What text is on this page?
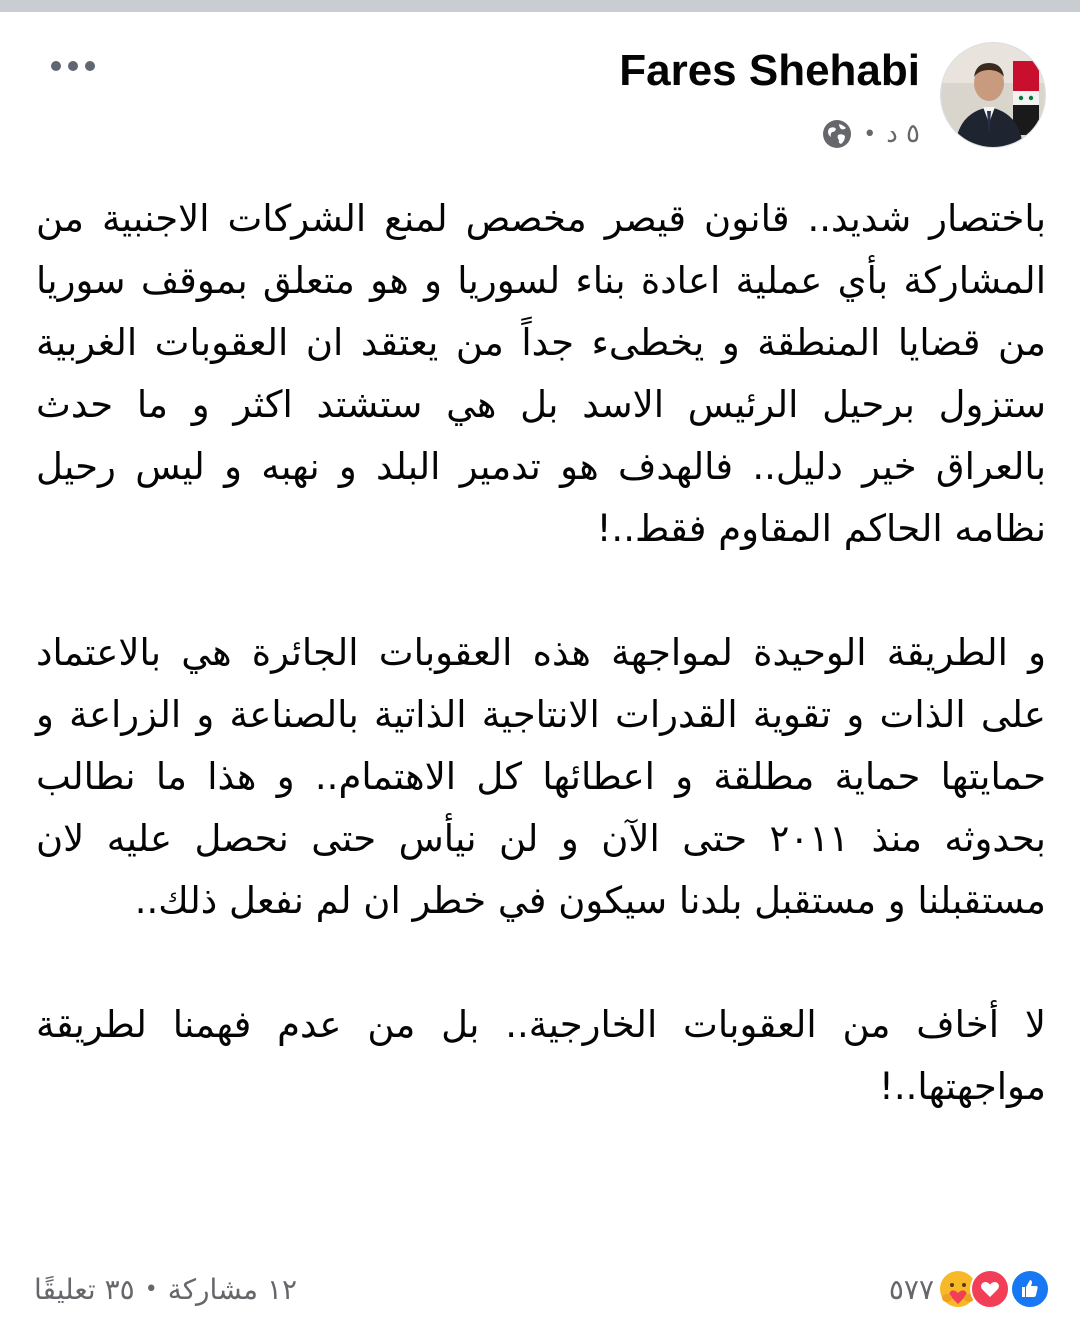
Fares Shehabi
٥ د
•

باختصار شديد.. قانون قيصر مخصص لمنع الشركات الاجنبية من المشاركة بأي عملية اعادة بناء لسوريا و هو متعلق بموقف سوريا من قضايا المنطقة و يخطىء جداً من يعتقد ان العقوبات الغربية ستزول برحيل الرئيس الاسد بل هي ستشتد اكثر و ما حدث بالعراق خير دليل.. فالهدف هو تدمير البلد و نهبه و ليس رحيل نظامه الحاكم المقاوم فقط..!

و الطريقة الوحيدة لمواجهة هذه العقوبات الجائرة هي بالاعتماد على الذات و تقوية القدرات الانتاجية الذاتية بالصناعة و الزراعة و حمايتها حماية مطلقة و اعطائها كل الاهتمام.. و هذا ما نطالب بحدوثه منذ ٢٠١١ حتى الآن و لن نيأس حتى نحصل عليه لان مستقبلنا و مستقبل بلدنا سيكون في خطر ان لم نفعل ذلك..

لا أخاف من العقوبات الخارجية.. بل من عدم فهمنا لطريقة مواجهتها..!

٥٧٧
٣٥ تعليقًا • ١٢ مشاركة
